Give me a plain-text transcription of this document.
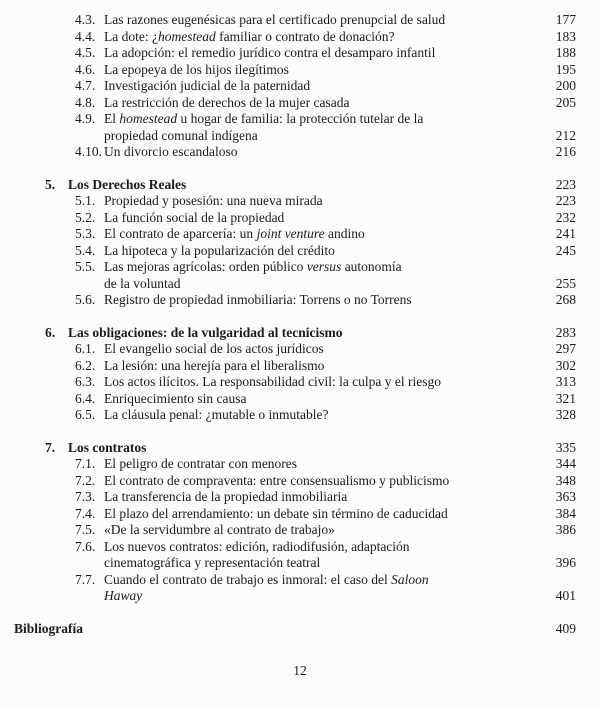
4.3. Las razones eugenésicas para el certificado prenupcial de salud	177
4.4. La dote: ¿homestead familiar o contrato de donación?	183
4.5. La adopción: el remedio jurídico contra el desamparo infantil	188
4.6. La epopeya de los hijos ilegítimos	195
4.7. Investigación judicial de la paternidad	200
4.8. La restricción de derechos de la mujer casada	205
4.9. El homestead u hogar de familia: la protección tutelar de la
propiedad comunal indígena	212
4.10. Un divorcio escandaloso	216
5. Los Derechos Reales	223
5.1. Propiedad y posesión: una nueva mirada	223
5.2. La función social de la propiedad	232
5.3. El contrato de aparcería: un joint venture andino	241
5.4. La hipoteca y la popularización del crédito	245
5.5. Las mejoras agrícolas: orden público versus autonomía
de la voluntad	255
5.6. Registro de propiedad inmobiliaria: Torrens o no Torrens	268
6. Las obligaciones: de la vulgaridad al tecnicismo	283
6.1. El evangelio social de los actos jurídicos	297
6.2. La lesión: una herejía para el liberalismo	302
6.3. Los actos ilícitos. La responsabilidad civil: la culpa y el riesgo	313
6.4. Enriquecimiento sin causa	321
6.5. La cláusula penal: ¿mutable o inmutable?	328
7. Los contratos	335
7.1. El peligro de contratar con menores	344
7.2. El contrato de compraventa: entre consensualismo y publicismo	348
7.3. La transferencia de la propiedad inmobiliaria	363
7.4. El plazo del arrendamiento: un debate sin término de caducidad	384
7.5. «De la servidumbre al contrato de trabajo»	386
7.6. Los nuevos contratos: edición, radiodifusión, adaptación
cinematográfica y representación teatral	396
7.7. Cuando el contrato de trabajo es inmoral: el caso del Saloon
Haway	401
Bibliografía	409
12
